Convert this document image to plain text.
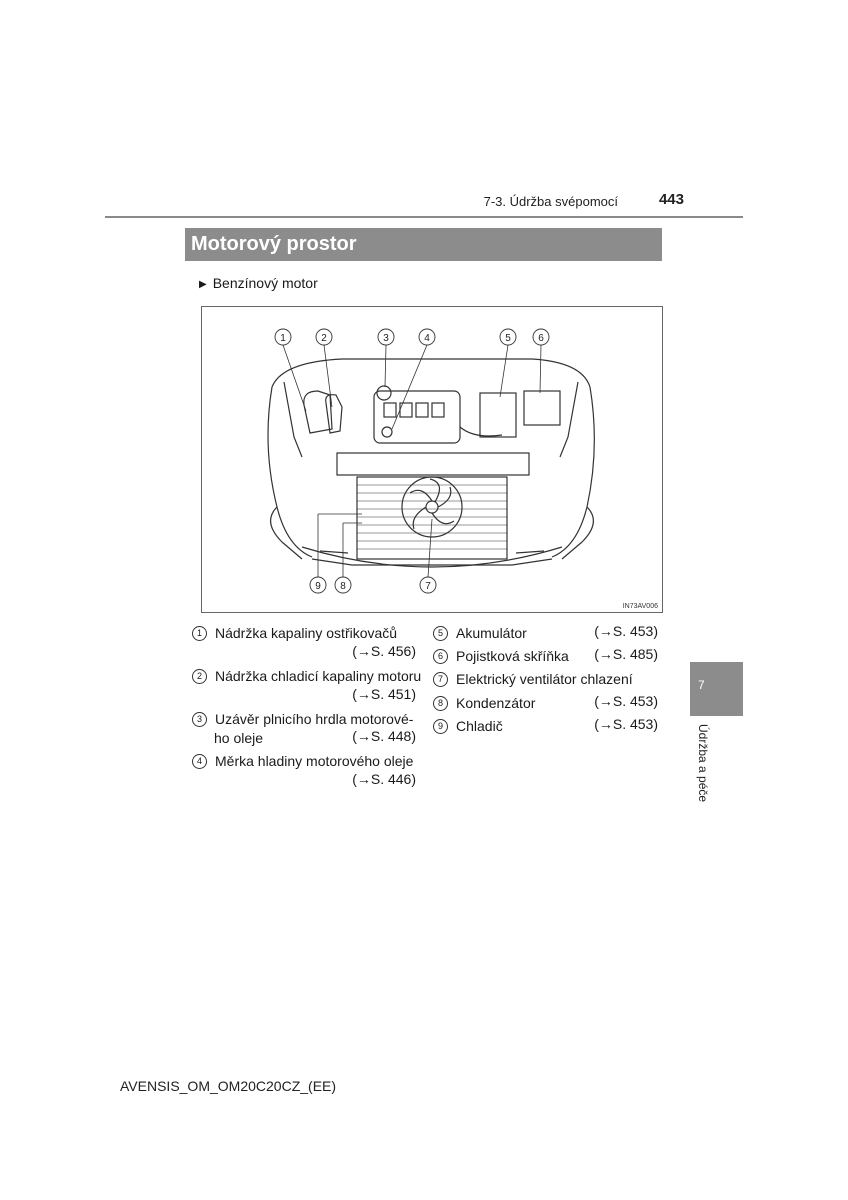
7-3. Údržba svépomocí	443
Motorový prostor
▶ Benzínový motor
1	2	3	4	5	6
7
8
9
IN73AV006
1 Nádržka kapaliny ostřikovačů
(→S. 456)
2 Nádržka chladicí kapaliny motoru
(→S. 451)
3 Uzávěr plnicího hrdla motorové-
ho oleje	(→S. 448)
4 Měrka hladiny motorového oleje
(→S. 446)
5 Akumulátor	(→S. 453)
6 Pojistková skříňka	(→S. 485)
7 Elektrický ventilátor chlazení
8 Kondenzátor	(→S. 453)
9 Chladič	(→S. 453)
7
Údržba a péče
AVENSIS_OM_OM20C20CZ_(EE)
